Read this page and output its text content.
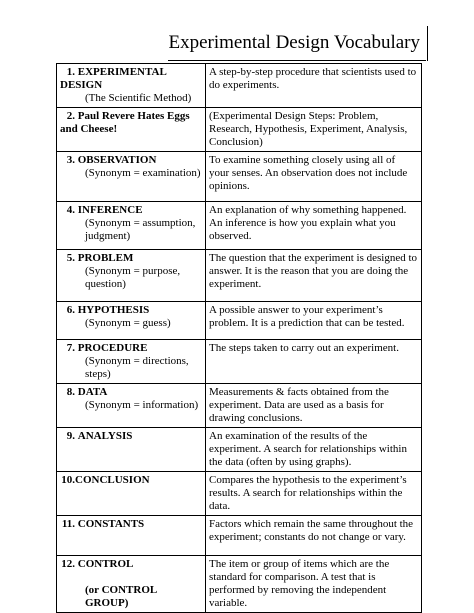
Experimental Design Vocabulary
1. EXPERIMENTAL DESIGN
(The Scientific Method)	A step-by-step procedure that scientists used to do experiments.
2. Paul Revere Hates Eggs and Cheese!	(Experimental Design Steps: Problem, Research, Hypothesis, Experiment, Analysis, Conclusion)
3. OBSERVATION
(Synonym = examination)	To examine something closely using all of your senses. An observation does not include opinions.
4. INFERENCE
(Synonym = assumption, judgment)	An explanation of why something happened. An inference is how you explain what you observed.
5. PROBLEM
(Synonym = purpose, question)	The question that the experiment is designed to answer. It is the reason that you are doing the experiment.
6. HYPOTHESIS
(Synonym = guess)	A possible answer to your experiment’s problem. It is a prediction that can be tested.
7. PROCEDURE
(Synonym = directions, steps)	The steps taken to carry out an experiment.
8. DATA
(Synonym = information)	Measurements & facts obtained from the experiment. Data are used as a basis for drawing conclusions.
9. ANALYSIS	An examination of the results of the experiment. A search for relationships within the data (often by using graphs).
10.CONCLUSION	Compares the hypothesis to the experiment’s results. A search for relationships within the data.
11. CONSTANTS	Factors which remain the same throughout the experiment; constants do not change or vary.
12. CONTROL
(or CONTROL GROUP)	The item or group of items which are the standard for comparison. A test that is performed by removing the independent variable.
